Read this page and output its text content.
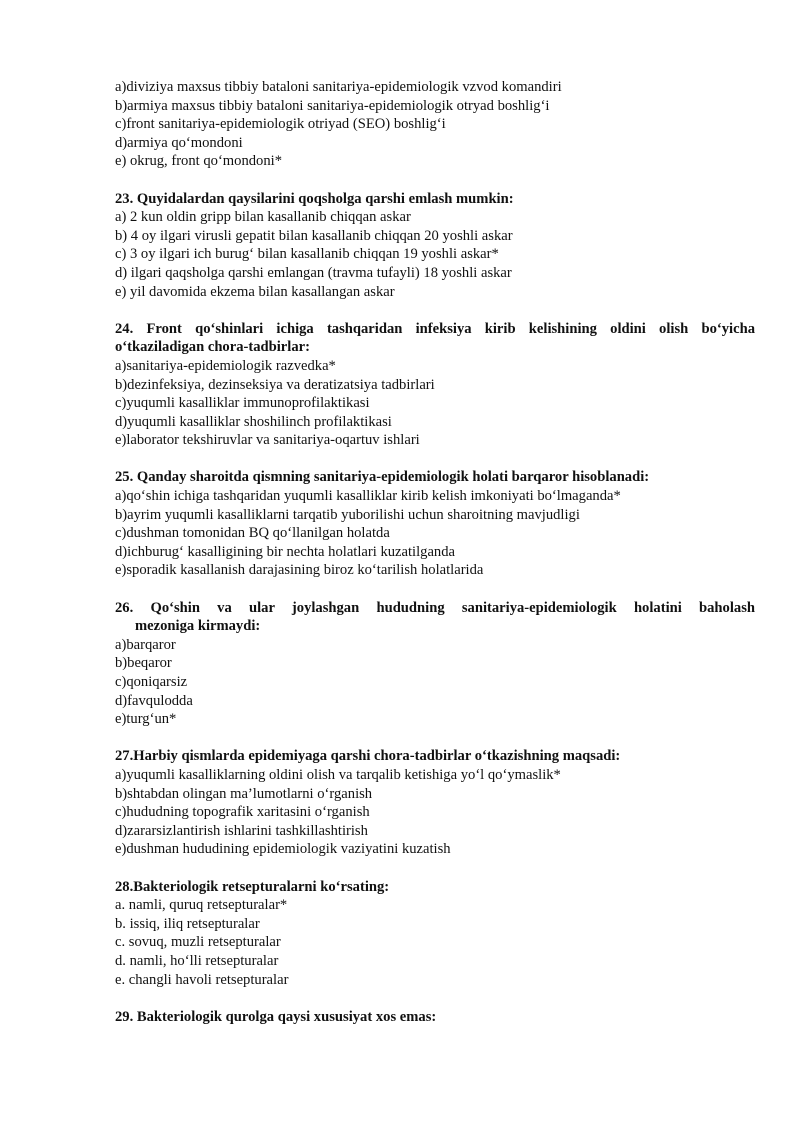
a)diviziya maxsus tibbiy bataloni sanitariya-epidemiologik vzvod komandiri

b)armiya maxsus tibbiy bataloni sanitariya-epidemiologik otryad boshlig‘i

c)front sanitariya-epidemiologik otriyad (SEO) boshlig‘i

d)armiya qo‘mondoni

e) okrug, front qo‘mondoni*

23. Quyidalardan qaysilarini qoqsholga qarshi emlash mumkin:

a) 2 kun oldin gripp bilan kasallanib chiqqan askar

b) 4 oy ilgari virusli gepatit bilan kasallanib chiqqan 20 yoshli askar

c) 3 oy ilgari ich burug‘ bilan kasallanib chiqqan 19 yoshli askar*

d) ilgari qaqsholga qarshi emlangan (travma tufayli) 18 yoshli askar

e) yil davomida ekzema bilan kasallangan askar

24. Front qo‘shinlari ichiga tashqaridan infeksiya kirib kelishining oldini olish bo‘yicha

o‘tkaziladigan chora-tadbirlar:

a)sanitariya-epidemiologik razvedka*

b)dezinfeksiya, dezinseksiya va deratizatsiya tadbirlari

c)yuqumli kasalliklar immunoprofilaktikasi

d)yuqumli kasalliklar shoshilinch profilaktikasi

e)laborator tekshiruvlar va sanitariya-oqartuv ishlari

25. Qanday sharoitda qismning sanitariya-epidemiologik holati barqaror hisoblanadi:

a)qo‘shin ichiga tashqaridan yuqumli kasalliklar kirib kelish imkoniyati bo‘lmaganda*

b)ayrim yuqumli kasalliklarni tarqatib yuborilishi uchun sharoitning mavjudligi

c)dushman tomonidan BQ qo‘llanilgan holatda

d)ichburug‘ kasalligining bir nechta holatlari kuzatilganda

e)sporadik kasallanish darajasining biroz ko‘tarilish holatlarida

26. Qo‘shin va ular joylashgan hududning sanitariya-epidemiologik holatini baholash

mezoniga kirmaydi:

a)barqaror

b)beqaror

c)qoniqarsiz

d)favqulodda

e)turg‘un*

27.Harbiy qismlarda epidemiyaga qarshi chora-tadbirlar o‘tkazishning maqsadi:

a)yuqumli kasalliklarning oldini olish va tarqalib ketishiga yo‘l qo‘ymaslik*

b)shtabdan olingan ma’lumotlarni o‘rganish

c)hududning topografik xaritasini o‘rganish

d)zararsizlantirish ishlarini tashkillashtirish

e)dushman hududining epidemiologik vaziyatini kuzatish

28.Bakteriologik retsepturalarni ko‘rsating:

a. namli, quruq retsepturalar*

b. issiq, iliq retsepturalar

c. sovuq, muzli retsepturalar

d. namli, ho‘lli retsepturalar

e. changli havoli retsepturalar

29. Bakteriologik qurolga qaysi xususiyat xos emas:
